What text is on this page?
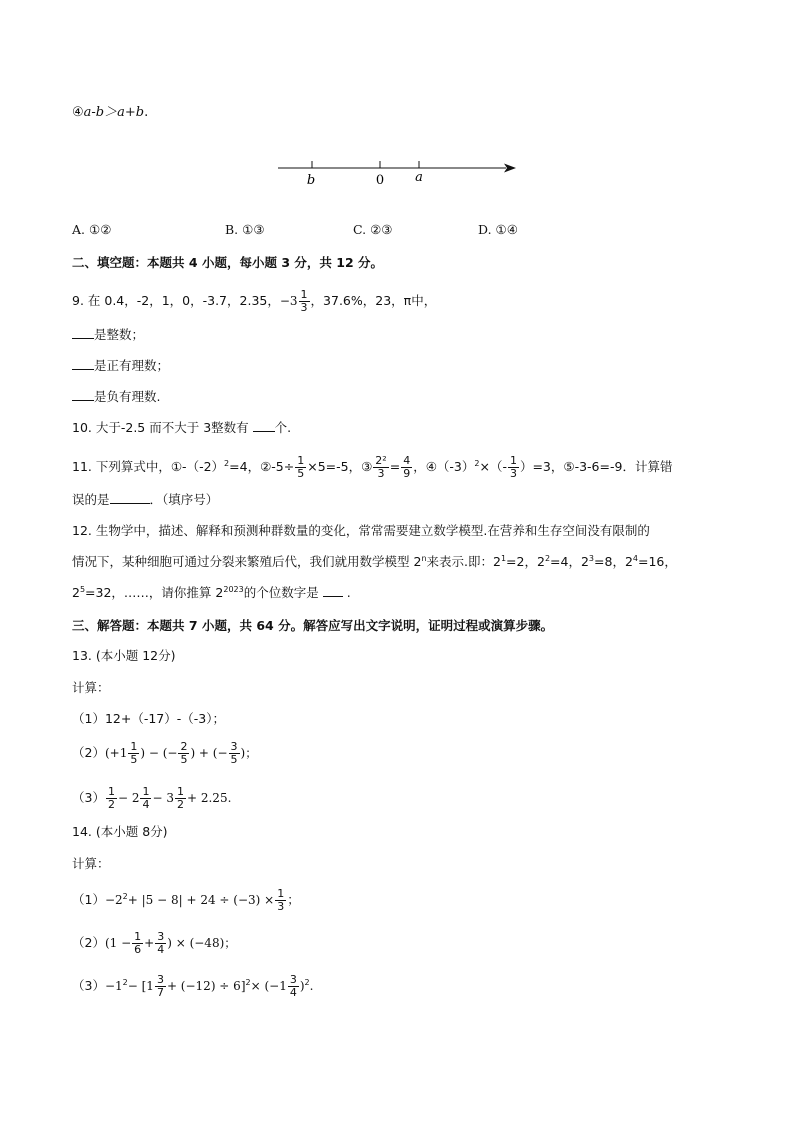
④a-b＞a+b.
b	0 a
A. ①②	B. ①③	C. ②③	D. ①④
二、填空题：本题共 4 小题，每小题 3 分，共 12 分。
9. 在 0.4，-2，1，0，-3.7，2.35，$-3 \frac{1}{3}$ ，37.6%，23，π中，
是整数；
是正有理数；
是负有理数.
10. 大于-2.5 而不大于 3整数有 个.
11. 下列算式中，$①-(-2)^2=4$，②-5÷ $\frac{1}{5} \times 5=-5$，③ $\frac{\text{2²}}{3} = \frac{4}{9}$ ，$④(-3)^2\times(- \frac{1}{3} )=3$，⑤-3-6=-9．计算错
误的是	．（填序号）
12. 生物学中，描述、解释和预测种群数量的变化，常常需要建立数学模型.在营养和生存空间没有限制的
情况下，某种细胞可通过分裂来繁殖后代，我们就用数学模型 2$^n$来表示.即：$2^1=2$，$2^2=4$，$2^3=8$，$2^4=16$，
$2^5=32$，……，请你推算 $2^{2023}$的个位数字是 .
三、解答题：本题共 7 小题，共 64 分。解答应写出文字说明，证明过程或演算步骤。
13. (本小题 12分)
计算：
（1）12+（-17）-（-3）；
$(2)(+1 \frac{1}{5}$ ) − (− $\frac{2}{5}$ ) + (− $\frac{3}{5}$ )；
$(3) \frac{1}{2} - 2 \frac{1}{4} - 3 \frac{1}{2} + 2.25$.
14. (本小题 8分)
计算：
$(1)-2^2+ |5 - 8| + 24 \div (-3) \times \frac{1}{3}$ ；
$(2)(1 - \frac{1}{6} + \frac{3}{4}$ ) × (−48)；
$(3)-1^2- [1 \frac{3}{7} + (-12) \div 6]^2\times (-1 \frac{3}{4} )^2$.
